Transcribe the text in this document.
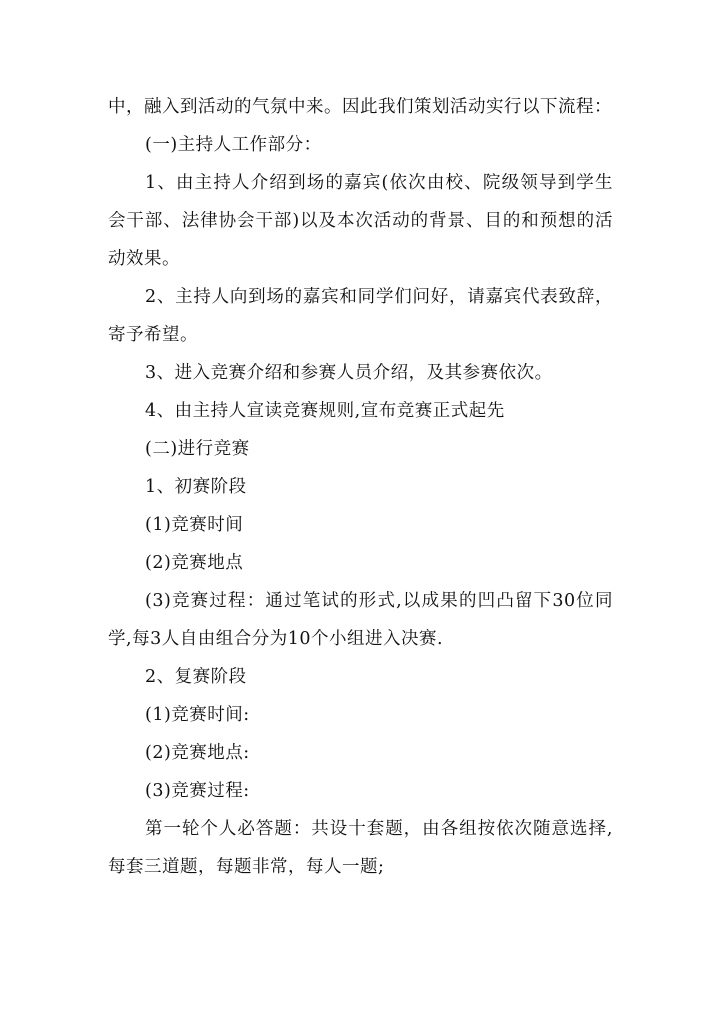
中，融入到活动的气氛中来。因此我们策划活动实行以下流程：

(一)主持人工作部分：

1、由主持人介绍到场的嘉宾(依次由校、院级领导到学生会干部、法律协会干部)以及本次活动的背景、目的和预想的活动效果。

2、主持人向到场的嘉宾和同学们问好，请嘉宾代表致辞，寄予希望。

3、进入竞赛介绍和参赛人员介绍，及其参赛依次。

4、由主持人宣读竞赛规则,宣布竞赛正式起先

(二)进行竞赛

1、初赛阶段

(1)竞赛时间

(2)竞赛地点

(3)竞赛过程：通过笔试的形式,以成果的凹凸留下30位同学,每3人自由组合分为10个小组进入决赛.

2、复赛阶段

(1)竞赛时间:

(2)竞赛地点:

(3)竞赛过程:

第一轮个人必答题：共设十套题，由各组按依次随意选择,每套三道题，每题非常，每人一题;
